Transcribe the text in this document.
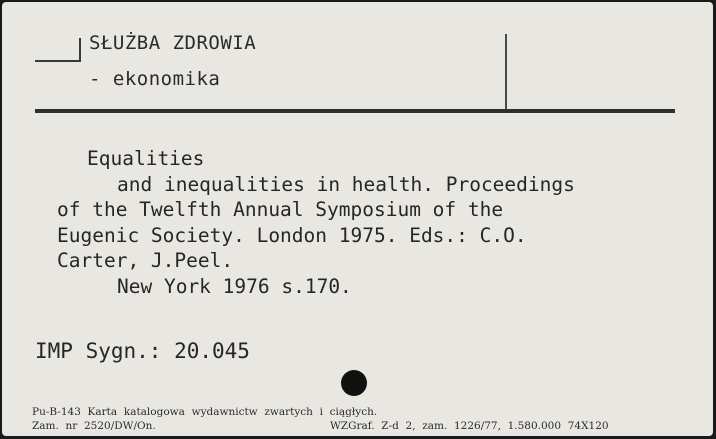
SŁUŻBA ZDROWIA
- ekonomika
Equalities
and inequalities in health. Proceedings
of the Twelfth Annual Symposium of the
Eugenic Society. London 1975. Eds.: C.O.
Carter, J.Peel.
New York 1976 s.170.
IMP Sygn.: 20.045
Pu-B-143  Karta  katalogowa  wydawnictw  zwartych  i  ciągłych.
Zam.  nr  2520/DW/On.	WZGraf.  Z-d  2,  zam.  1226/77,  1.580.000  74X120
